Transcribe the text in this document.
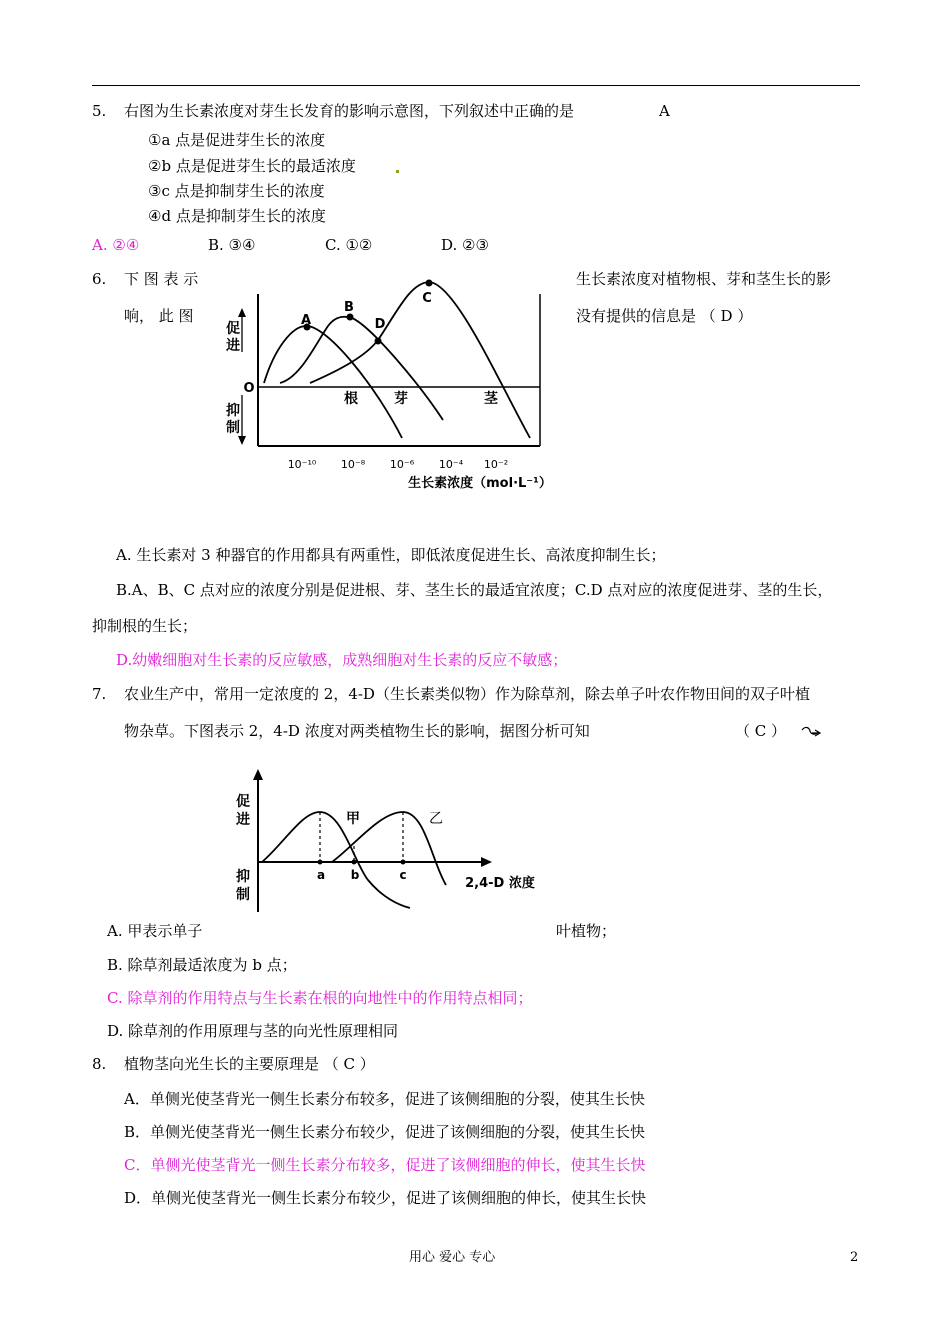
5. 右图为生长素浓度对芽生长发育的影响示意图，下列叙述中正确的是	A
①a 点是促进芽生长的浓度
②b 点是促进芽生长的最适浓度
③c 点是抑制芽生长的浓度
④d 点是抑制芽生长的浓度
A. ②④	B. ③④	C. ①②	D. ②③
6. 下 图 表 示	生长素浓度对植物根、芽和茎生长的影
响， 此 图	没有提供的信息是 （ D ）
促
进
抑
制
O
A
B
C
D
根	芽	茎
10⁻¹⁰ 10⁻⁸ 10⁻⁶ 10⁻⁴ 10⁻²
生长素浓度（mol·L⁻¹）
A. 生长素对 3 种器官的作用都具有两重性，即低浓度促进生长、高浓度抑制生长；
B.A、B、C 点对应的浓度分别是促进根、芽、茎生长的最适宜浓度；C.D 点对应的浓度促进芽、茎的生长，
抑制根的生长；
D.幼嫩细胞对生长素的反应敏感，成熟细胞对生长素的反应不敏感；
7. 农业生产中，常用一定浓度的 2，4-D（生长素类似物）作为除草剂，除去单子叶农作物田间的双子叶植
物杂草。下图表示 2，4-D 浓度对两类植物生长的影响，据图分析可知	（ C ）
促
进
抑
制
a b	c
甲	乙
2,4-D 浓度
A. 甲表示单子	叶植物；
B. 除草剂最适浓度为 b 点；
C. 除草剂的作用特点与生长素在根的向地性中的作用特点相同；
D. 除草剂的作用原理与茎的向光性原理相同
8. 植物茎向光生长的主要原理是 （ C ）
A．单侧光使茎背光一侧生长素分布较多，促进了该侧细胞的分裂，使其生长快
B．单侧光使茎背光一侧生长素分布较少，促进了该侧细胞的分裂，使其生长快
C．单侧光使茎背光一侧生长素分布较多，促进了该侧细胞的伸长，使其生长快
D．单侧光使茎背光一侧生长素分布较少，促进了该侧细胞的伸长，使其生长快
用心 爱心 专心	2
